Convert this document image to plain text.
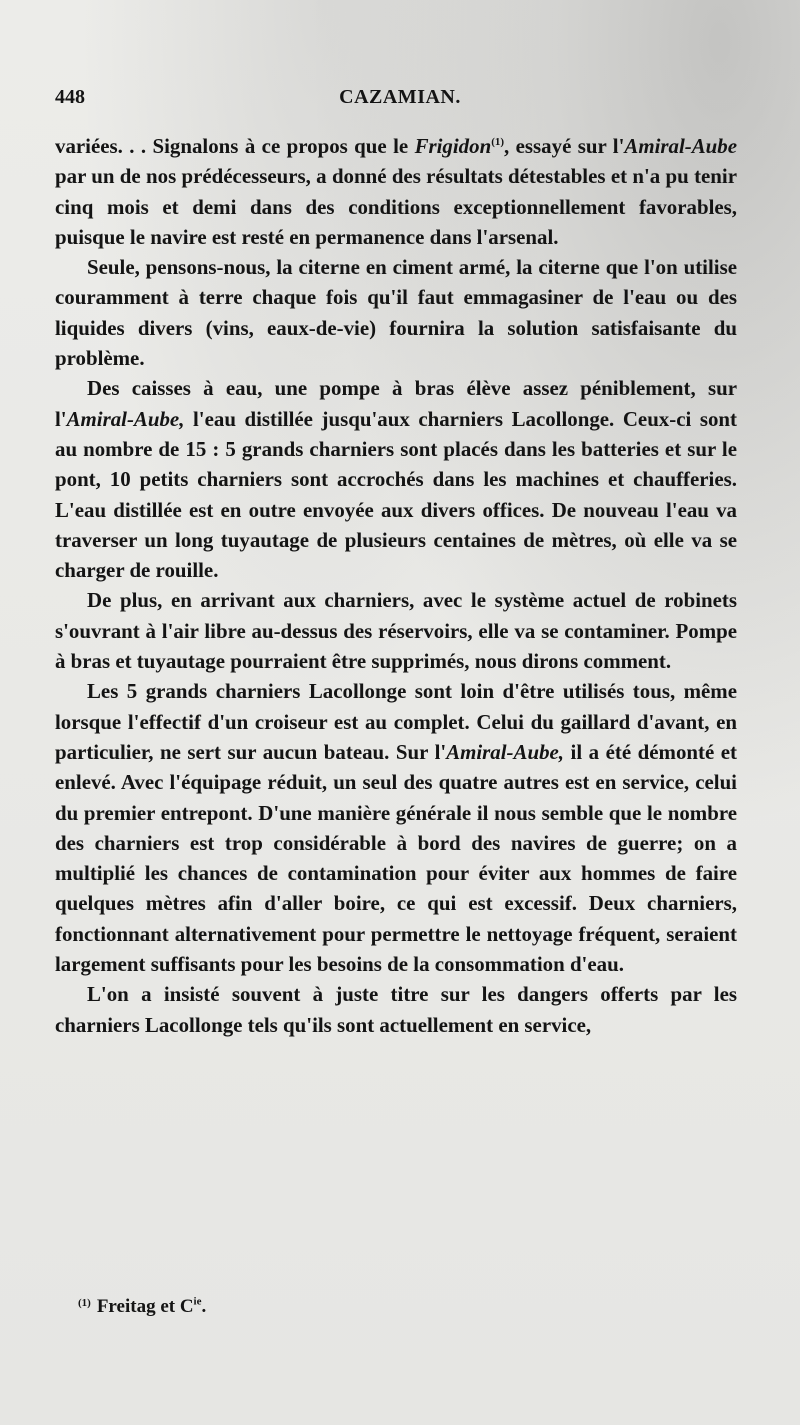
448	CAZAMIAN.

variées. . . Signalons à ce propos que le Frigidon$^{(1)}$, essayé sur l'Amiral-Aube par un de nos prédécesseurs, a donné des résultats détestables et n'a pu tenir cinq mois et demi dans des conditions exceptionnellement favorables, puisque le navire est resté en permanence dans l'arsenal.

Seule, pensons-nous, la citerne en ciment armé, la citerne que l'on utilise couramment à terre chaque fois qu'il faut emmagasiner de l'eau ou des liquides divers (vins, eaux-de-vie) fournira la solution satisfaisante du problème.

Des caisses à eau, une pompe à bras élève assez péniblement, sur l'Amiral-Aube, l'eau distillée jusqu'aux charniers Lacollonge. Ceux-ci sont au nombre de 15 : 5 grands charniers sont placés dans les batteries et sur le pont, 10 petits charniers sont accrochés dans les machines et chaufferies. L'eau distillée est en outre envoyée aux divers offices. De nouveau l'eau va traverser un long tuyautage de plusieurs centaines de mètres, où elle va se charger de rouille.

De plus, en arrivant aux charniers, avec le système actuel de robinets s'ouvrant à l'air libre au-dessus des réservoirs, elle va se contaminer. Pompe à bras et tuyautage pourraient être supprimés, nous dirons comment.

Les 5 grands charniers Lacollonge sont loin d'être utilisés tous, même lorsque l'effectif d'un croiseur est au complet. Celui du gaillard d'avant, en particulier, ne sert sur aucun bateau. Sur l'Amiral-Aube, il a été démonté et enlevé. Avec l'équipage réduit, un seul des quatre autres est en service, celui du premier entrepont. D'une manière générale il nous semble que le nombre des charniers est trop considérable à bord des navires de guerre; on a multiplié les chances de contamination pour éviter aux hommes de faire quelques mètres afin d'aller boire, ce qui est excessif. Deux charniers, fonctionnant alternativement pour permettre le nettoyage fréquent, seraient largement suffisants pour les besoins de la consommation d'eau.

L'on a insisté souvent à juste titre sur les dangers offerts par les charniers Lacollonge tels qu'ils sont actuellement en service,

$^{(1)}$ Freitag et $C^{ie}$.
